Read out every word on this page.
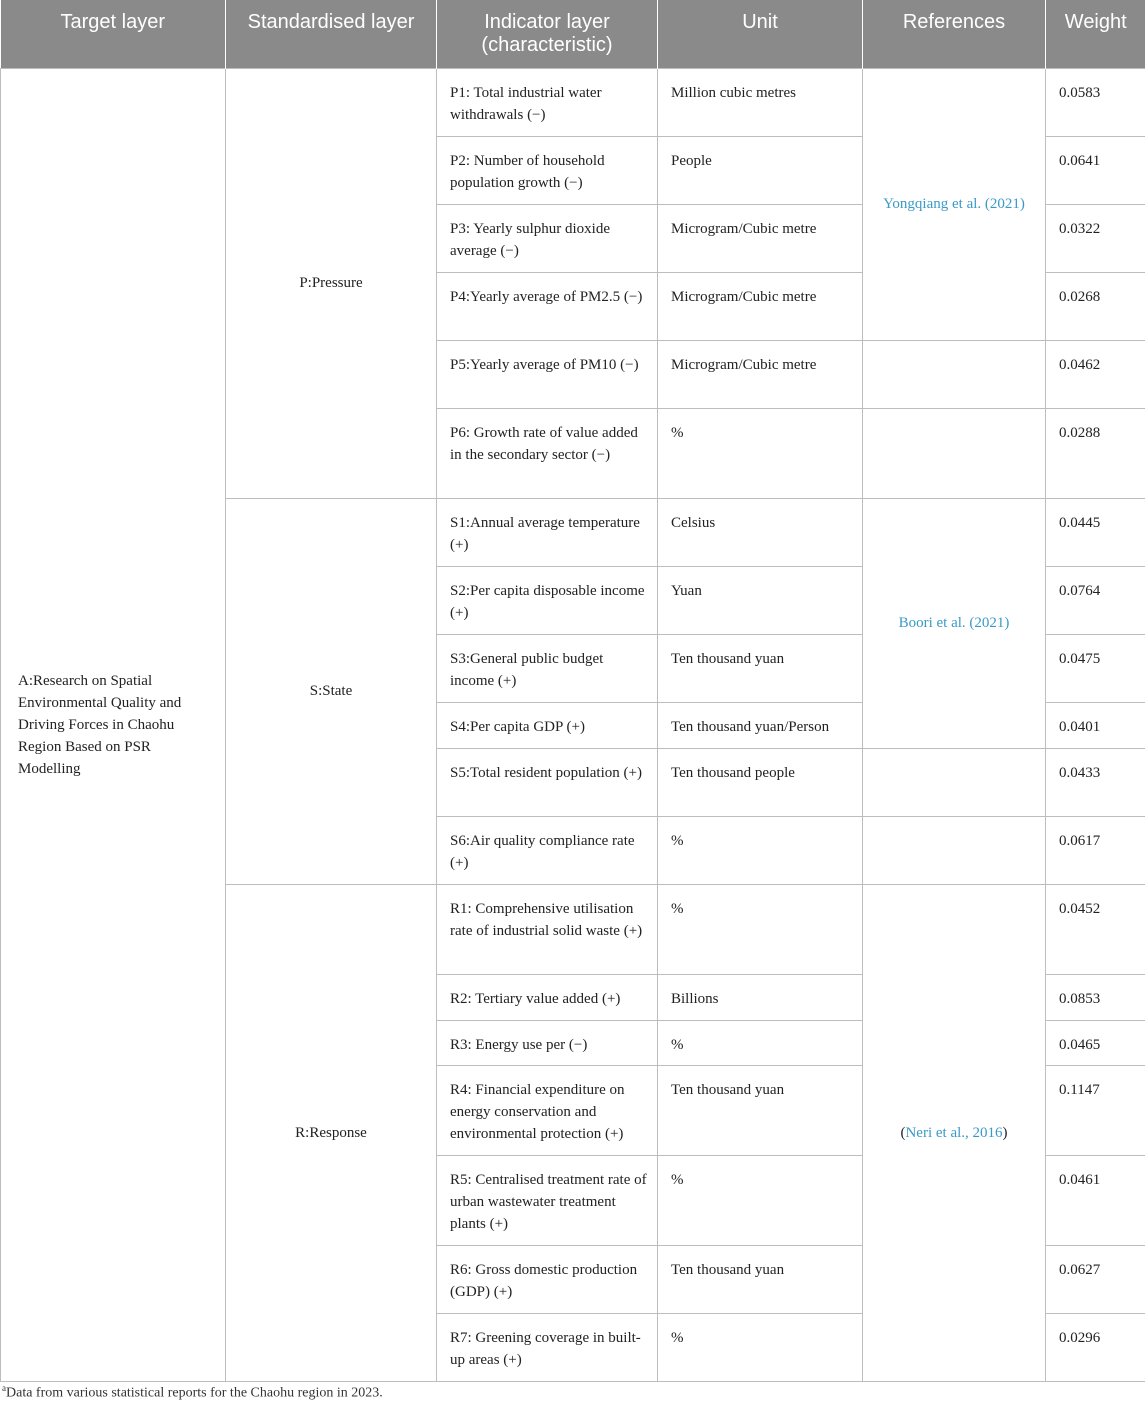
Target layer	Standardised layer	Indicator layer (characteristic)	Unit	References	Weight
A:Research on Spatial Environmental Quality and Driving Forces in Chaohu Region Based on PSR Modelling	P:Pressure	P1: Total industrial water withdrawals (−)	Million cubic metres	Yongqiang et al. (2021)	0.0583
		P2: Number of household population growth (−)	People		0.0641
		P3: Yearly sulphur dioxide average (−)	Microgram/Cubic metre		0.0322
		P4:Yearly average of PM2.5 (−)	Microgram/Cubic metre		0.0268
		P5:Yearly average of PM10 (−)	Microgram/Cubic metre		0.0462
		P6: Growth rate of value added in the secondary sector (−)	%		0.0288
	S:State	S1:Annual average temperature (+)	Celsius	Boori et al. (2021)	0.0445
		S2:Per capita disposable income (+)	Yuan		0.0764
		S3:General public budget income (+)	Ten thousand yuan		0.0475
		S4:Per capita GDP (+)	Ten thousand yuan/Person		0.0401
		S5:Total resident population (+)	Ten thousand people		0.0433
		S6:Air quality compliance rate (+)	%		0.0617
	R:Response	R1: Comprehensive utilisation rate of industrial solid waste (+)	%	(Neri et al., 2016)	0.0452
		R2: Tertiary value added (+)	Billions		0.0853
		R3: Energy use per (−)	%		0.0465
		R4: Financial expenditure on energy conservation and environmental protection (+)	Ten thousand yuan		0.1147
		R5: Centralised treatment rate of urban wastewater treatment plants (+)	%		0.0461
		R6: Gross domestic production (GDP) (+)	Ten thousand yuan		0.0627
		R7: Greening coverage in built-up areas (+)	%		0.0296
$^a$Data from various statistical reports for the Chaohu region in 2023.
